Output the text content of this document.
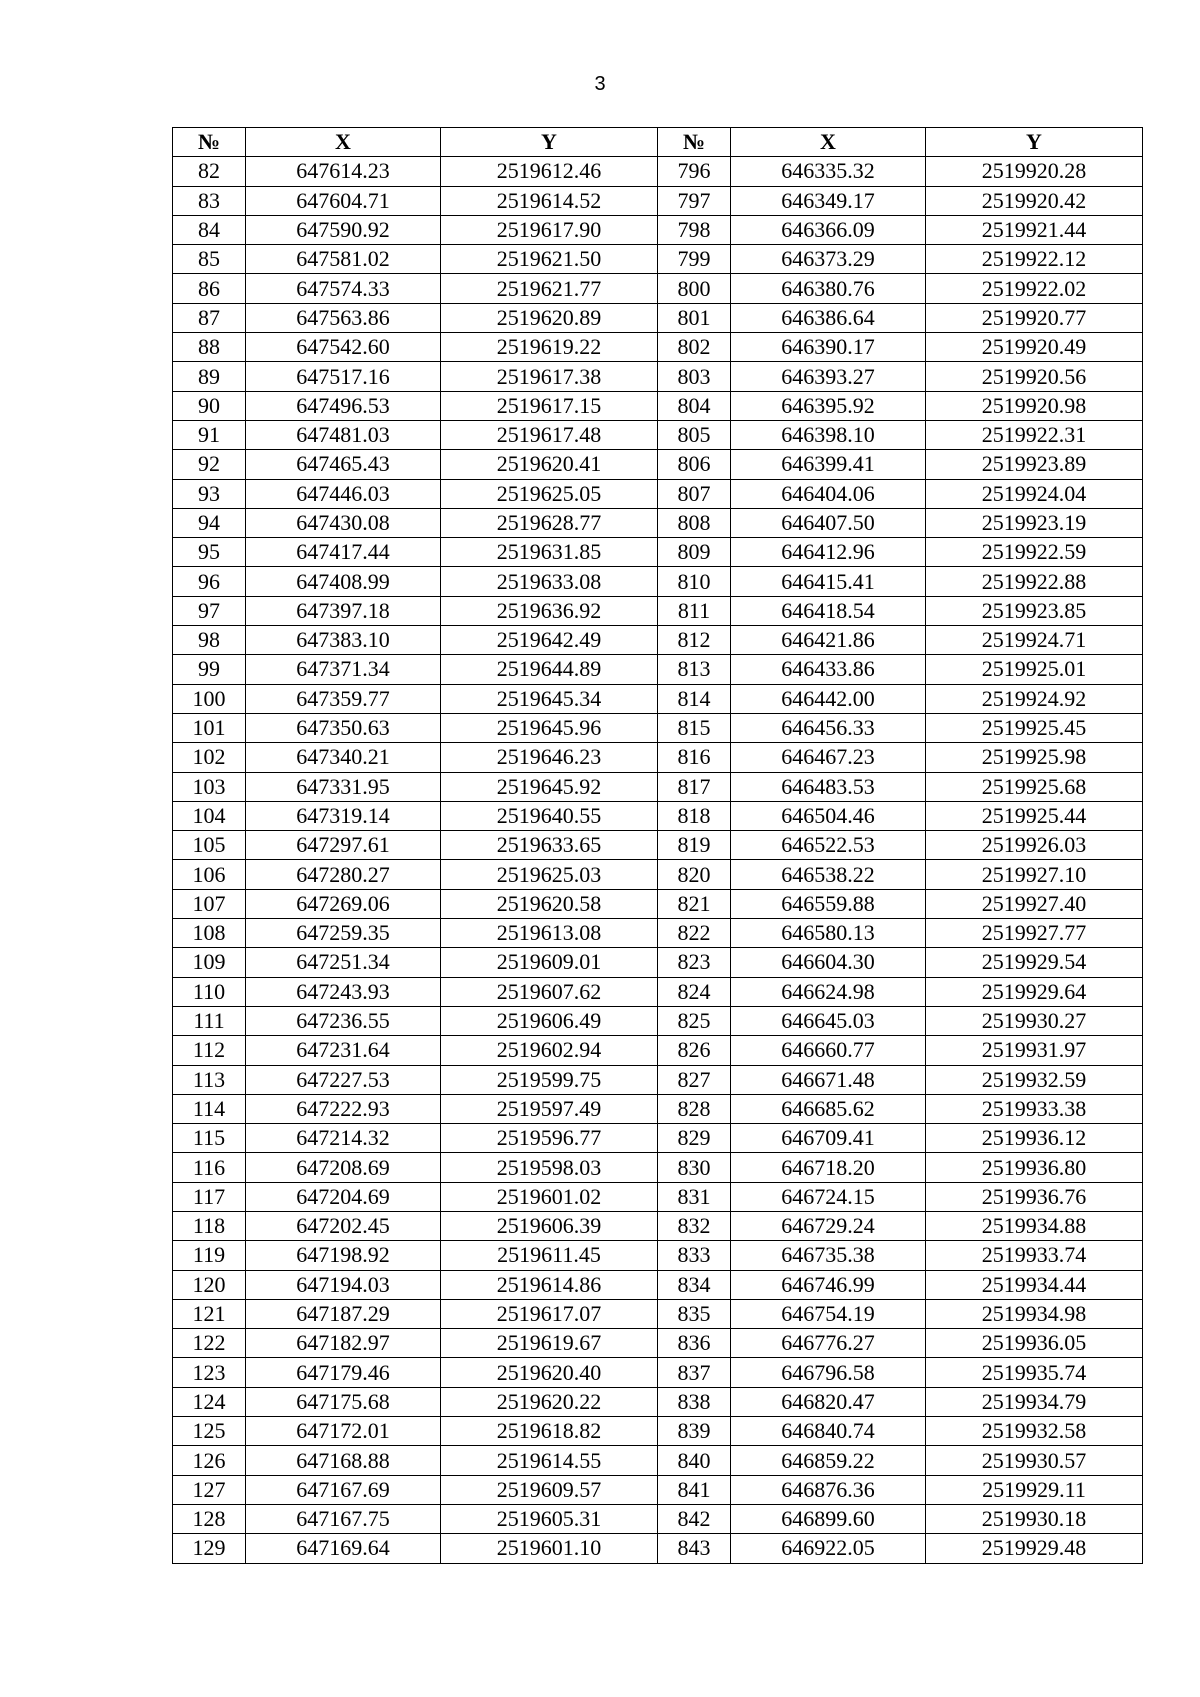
3
№	X	Y	№	X	Y
82	647614.23	2519612.46	796	646335.32	2519920.28
83	647604.71	2519614.52	797	646349.17	2519920.42
84	647590.92	2519617.90	798	646366.09	2519921.44
85	647581.02	2519621.50	799	646373.29	2519922.12
86	647574.33	2519621.77	800	646380.76	2519922.02
87	647563.86	2519620.89	801	646386.64	2519920.77
88	647542.60	2519619.22	802	646390.17	2519920.49
89	647517.16	2519617.38	803	646393.27	2519920.56
90	647496.53	2519617.15	804	646395.92	2519920.98
91	647481.03	2519617.48	805	646398.10	2519922.31
92	647465.43	2519620.41	806	646399.41	2519923.89
93	647446.03	2519625.05	807	646404.06	2519924.04
94	647430.08	2519628.77	808	646407.50	2519923.19
95	647417.44	2519631.85	809	646412.96	2519922.59
96	647408.99	2519633.08	810	646415.41	2519922.88
97	647397.18	2519636.92	811	646418.54	2519923.85
98	647383.10	2519642.49	812	646421.86	2519924.71
99	647371.34	2519644.89	813	646433.86	2519925.01
100	647359.77	2519645.34	814	646442.00	2519924.92
101	647350.63	2519645.96	815	646456.33	2519925.45
102	647340.21	2519646.23	816	646467.23	2519925.98
103	647331.95	2519645.92	817	646483.53	2519925.68
104	647319.14	2519640.55	818	646504.46	2519925.44
105	647297.61	2519633.65	819	646522.53	2519926.03
106	647280.27	2519625.03	820	646538.22	2519927.10
107	647269.06	2519620.58	821	646559.88	2519927.40
108	647259.35	2519613.08	822	646580.13	2519927.77
109	647251.34	2519609.01	823	646604.30	2519929.54
110	647243.93	2519607.62	824	646624.98	2519929.64
111	647236.55	2519606.49	825	646645.03	2519930.27
112	647231.64	2519602.94	826	646660.77	2519931.97
113	647227.53	2519599.75	827	646671.48	2519932.59
114	647222.93	2519597.49	828	646685.62	2519933.38
115	647214.32	2519596.77	829	646709.41	2519936.12
116	647208.69	2519598.03	830	646718.20	2519936.80
117	647204.69	2519601.02	831	646724.15	2519936.76
118	647202.45	2519606.39	832	646729.24	2519934.88
119	647198.92	2519611.45	833	646735.38	2519933.74
120	647194.03	2519614.86	834	646746.99	2519934.44
121	647187.29	2519617.07	835	646754.19	2519934.98
122	647182.97	2519619.67	836	646776.27	2519936.05
123	647179.46	2519620.40	837	646796.58	2519935.74
124	647175.68	2519620.22	838	646820.47	2519934.79
125	647172.01	2519618.82	839	646840.74	2519932.58
126	647168.88	2519614.55	840	646859.22	2519930.57
127	647167.69	2519609.57	841	646876.36	2519929.11
128	647167.75	2519605.31	842	646899.60	2519930.18
129	647169.64	2519601.10	843	646922.05	2519929.48
